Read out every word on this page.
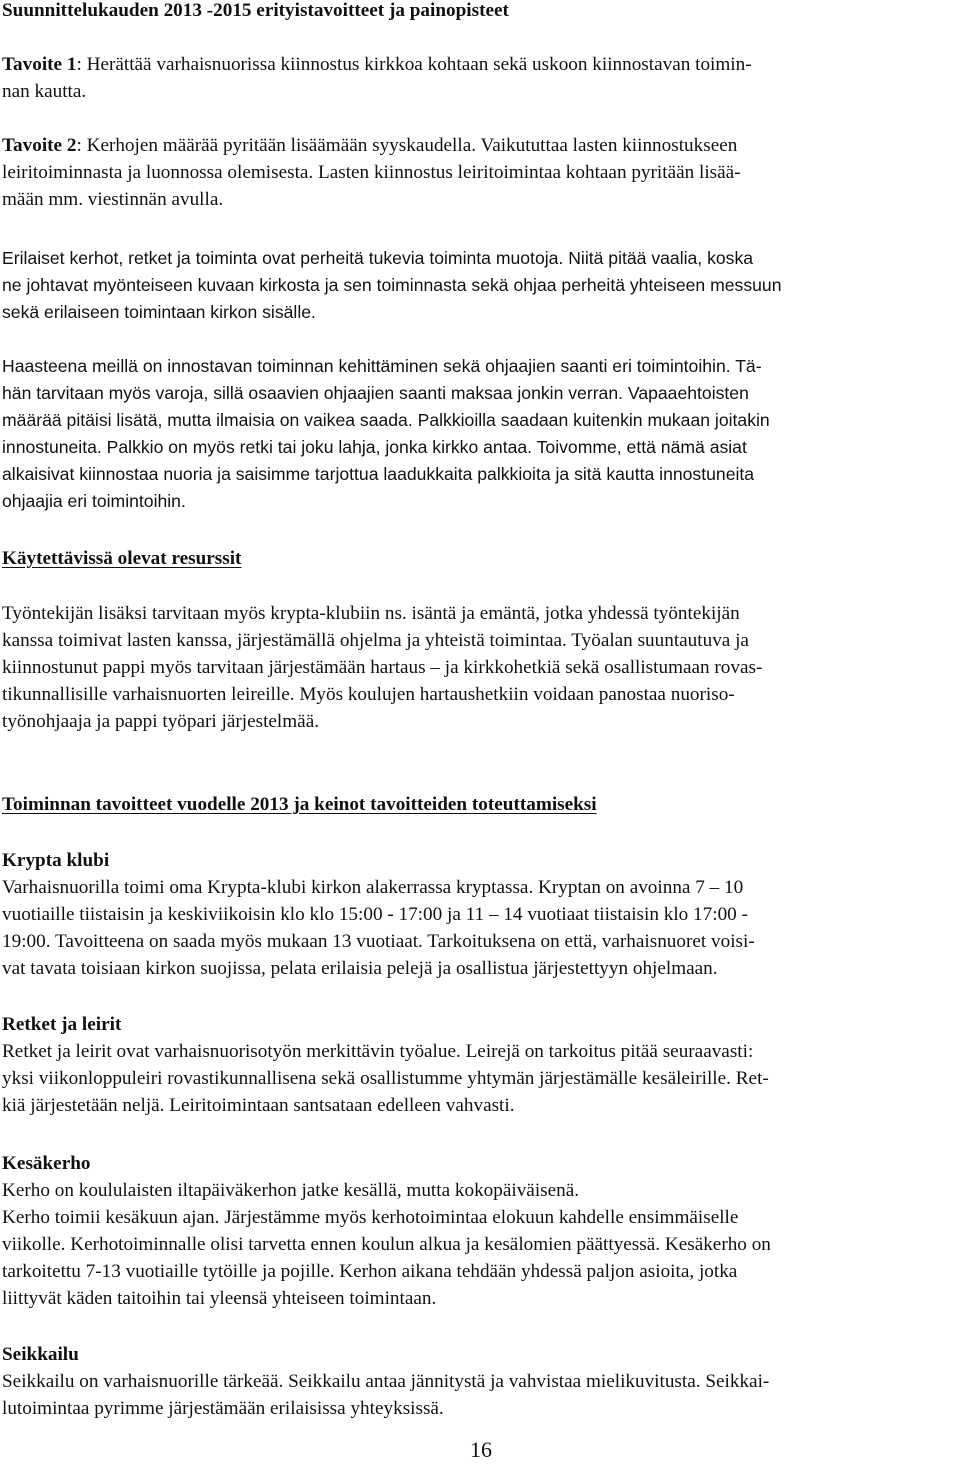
Suunnittelukauden 2013 -2015 erityistavoitteet ja painopisteet
Tavoite 1: Herättää varhaisnuorissa kiinnostus kirkkoa kohtaan sekä uskoon kiinnostavan toimin-
nan kautta.
Tavoite 2: Kerhojen määrää pyritään lisäämään syyskaudella. Vaikututtaa lasten kiinnostukseen
leiritoiminnasta ja luonnossa olemisesta. Lasten kiinnostus leiritoimintaa kohtaan pyritään lisää-
mään mm. viestinnän avulla.
Erilaiset kerhot, retket ja toiminta ovat perheitä tukevia toiminta muotoja. Niitä pitää vaalia, koska
ne johtavat myönteiseen kuvaan kirkosta ja sen toiminnasta sekä ohjaa perheitä yhteiseen messuun
sekä erilaiseen toimintaan kirkon sisälle.
Haasteena meillä on innostavan toiminnan kehittäminen sekä ohjaajien saanti eri toimintoihin. Tä-
hän tarvitaan myös varoja, sillä osaavien ohjaajien saanti maksaa jonkin verran. Vapaaehtoisten
määrää pitäisi lisätä, mutta ilmaisia on vaikea saada. Palkkioilla saadaan kuitenkin mukaan joitakin
innostuneita. Palkkio on myös retki tai joku lahja, jonka kirkko antaa. Toivomme, että nämä asiat
alkaisivat kiinnostaa nuoria ja saisimme tarjottua laadukkaita palkkioita ja sitä kautta innostuneita
ohjaajia eri toimintoihin.
Käytettävissä olevat resurssit
Työntekijän lisäksi tarvitaan myös krypta-klubiin ns. isäntä ja emäntä, jotka yhdessä työntekijän
kanssa toimivat lasten kanssa, järjestämällä ohjelma ja yhteistä toimintaa. Työalan suuntautuva ja
kiinnostunut pappi myös tarvitaan järjestämään hartaus – ja kirkkohetkiä sekä osallistumaan rovas-
tikunnallisille varhaisnuorten leireille. Myös koulujen hartaushetkiin voidaan panostaa nuoriso-
työnohjaaja ja pappi työpari järjestelmää.
Toiminnan tavoitteet vuodelle 2013 ja keinot tavoitteiden toteuttamiseksi
Krypta klubi
Varhaisnuorilla toimi oma Krypta-klubi kirkon alakerrassa kryptassa. Kryptan on avoinna 7 – 10
vuotiaille tiistaisin ja keskiviikoisin klo klo 15:00 - 17:00 ja 11 – 14 vuotiaat tiistaisin klo 17:00 -
19:00. Tavoitteena on saada myös mukaan 13 vuotiaat. Tarkoituksena on että, varhaisnuoret voisi-
vat tavata toisiaan kirkon suojissa, pelata erilaisia pelejä ja osallistua järjestettyyn ohjelmaan.
Retket ja leirit
Retket ja leirit ovat varhaisnuorisotyön merkittävin työalue. Leirejä on tarkoitus pitää seuraavasti:
yksi viikonloppuleiri rovastikunnallisena sekä osallistumme yhtymän järjestämälle kesäleirille. Ret-
kiä järjestetään neljä. Leiritoimintaan santsataan edelleen vahvasti.
Kesäkerho
Kerho on koululaisten iltapäiväkerhon jatke kesällä, mutta kokopäiväisenä.
Kerho toimii kesäkuun ajan. Järjestämme myös kerhotoimintaa elokuun kahdelle ensimmäiselle
viikolle. Kerhotoiminnalle olisi tarvetta ennen koulun alkua ja kesälomien päättyessä. Kesäkerho on
tarkoitettu 7-13 vuotiaille tytöille ja pojille. Kerhon aikana tehdään yhdessä paljon asioita, jotka
liittyvät käden taitoihin tai yleensä yhteiseen toimintaan.
Seikkailu
Seikkailu on varhaisnuorille tärkeää. Seikkailu antaa jännitystä ja vahvistaa mielikuvitusta. Seikkai-
lutoimintaa pyrimme järjestämään erilaisissa yhteyksissä.
16
